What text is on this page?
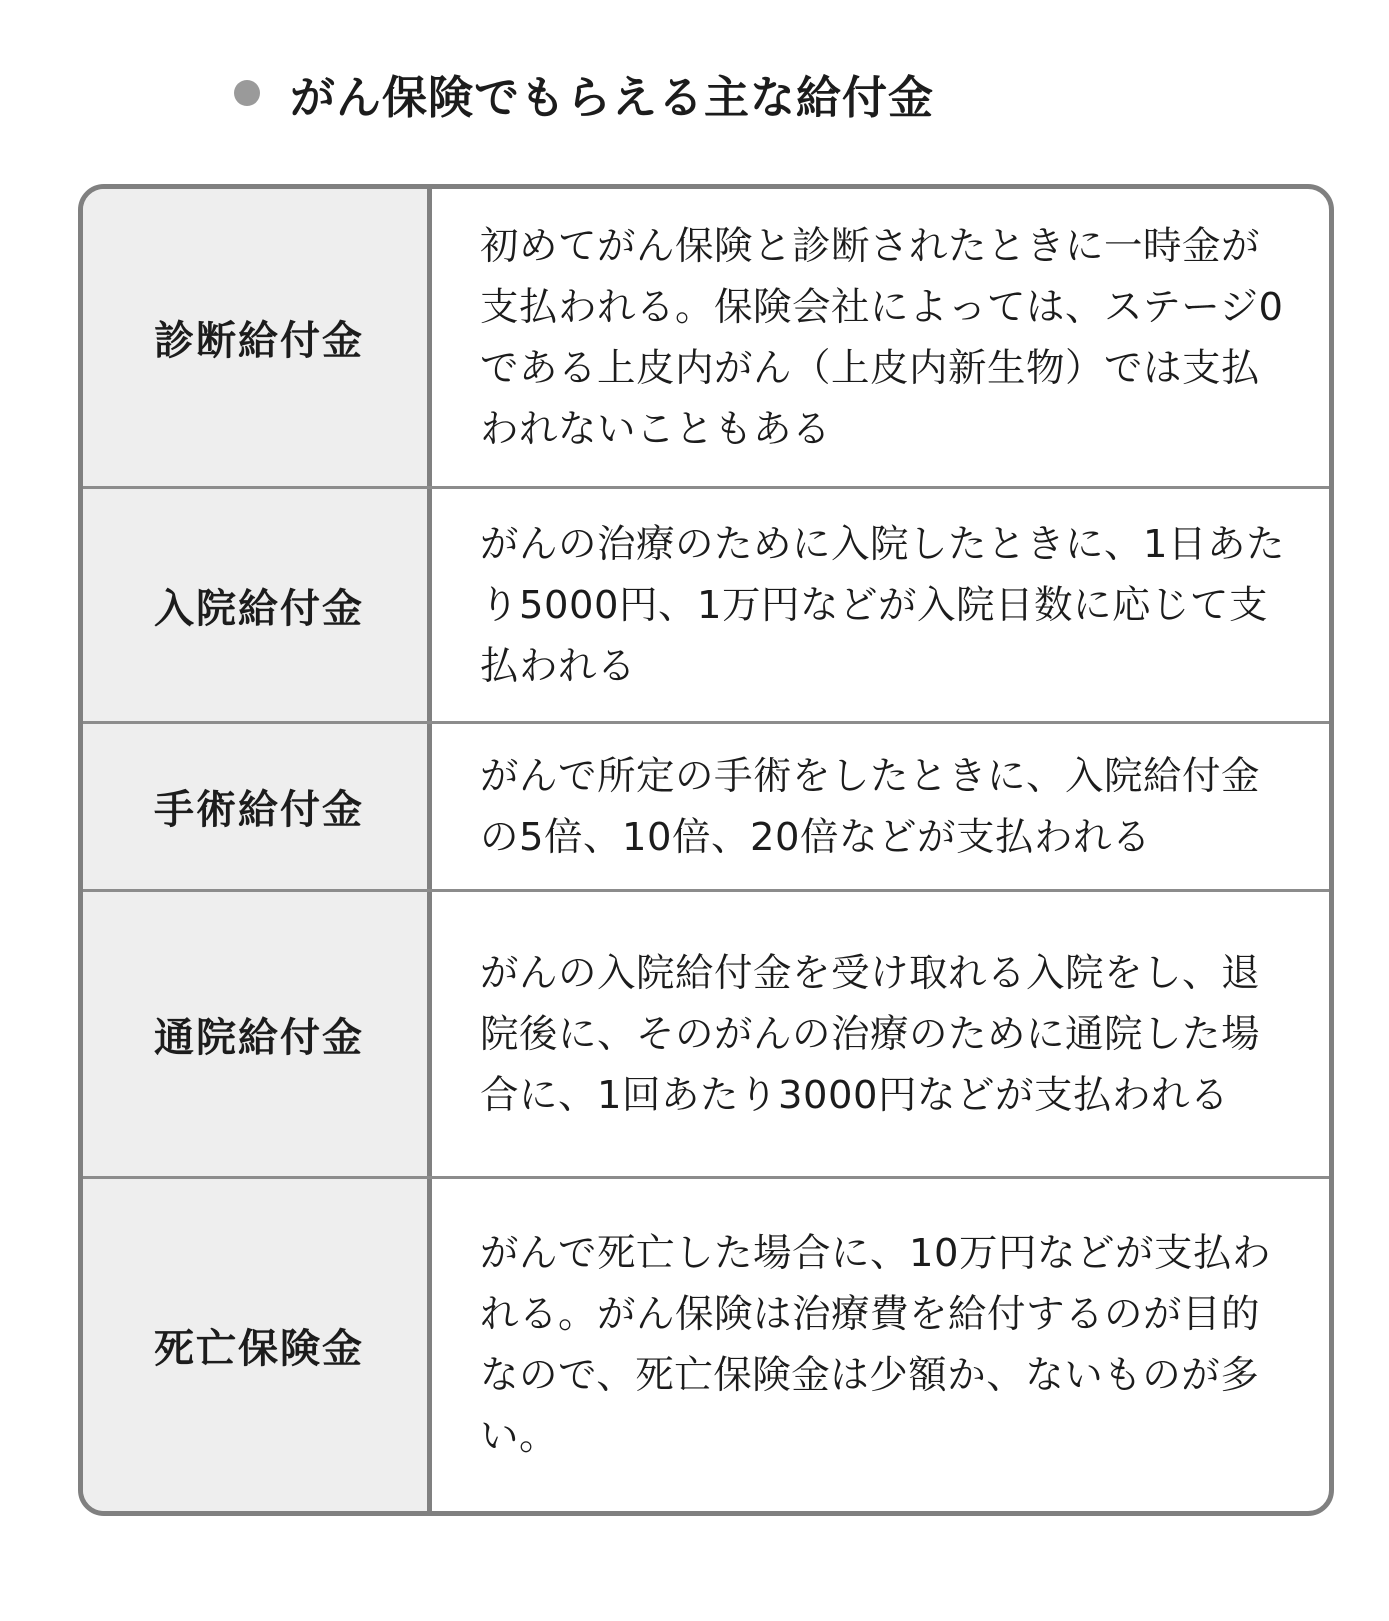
がん保険でもらえる主な給付金
診断給付金
初めてがん保険と診断されたときに一時金が支払われる。保険会社によっては、ステージ0である上皮内がん（上皮内新生物）では支払われないこともある
入院給付金
がんの治療のために入院したときに、1日あたり5000円、1万円などが入院日数に応じて支払われる
手術給付金
がんで所定の手術をしたときに、入院給付金の5倍、10倍、20倍などが支払われる
通院給付金
がんの入院給付金を受け取れる入院をし、退院後に、そのがんの治療のために通院した場合に、1回あたり3000円などが支払われる
死亡保険金
がんで死亡した場合に、10万円などが支払われる。がん保険は治療費を給付するのが目的なので、死亡保険金は少額か、ないものが多い。
